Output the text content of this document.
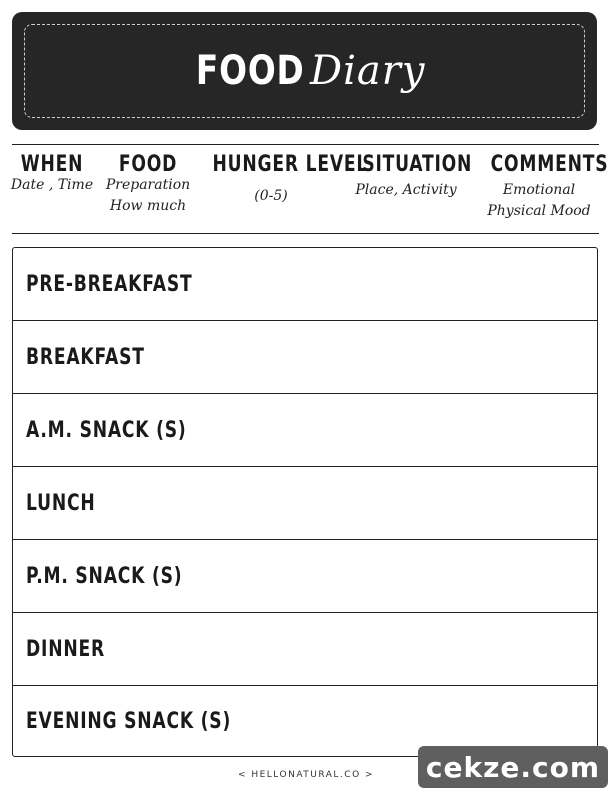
FOOD Diary
WHEN
Date , Time
FOOD
Preparation
How much
HUNGER LEVEL
(0-5)
SITUATION
Place, Activity
COMMENTS
Emotional
Physical Mood
PRE-BREAKFAST
BREAKFAST
A.M. SNACK (S)
LUNCH
P.M. SNACK (S)
DINNER
EVENING SNACK (S)
< HELLONATURAL.CO >	cekze.com
